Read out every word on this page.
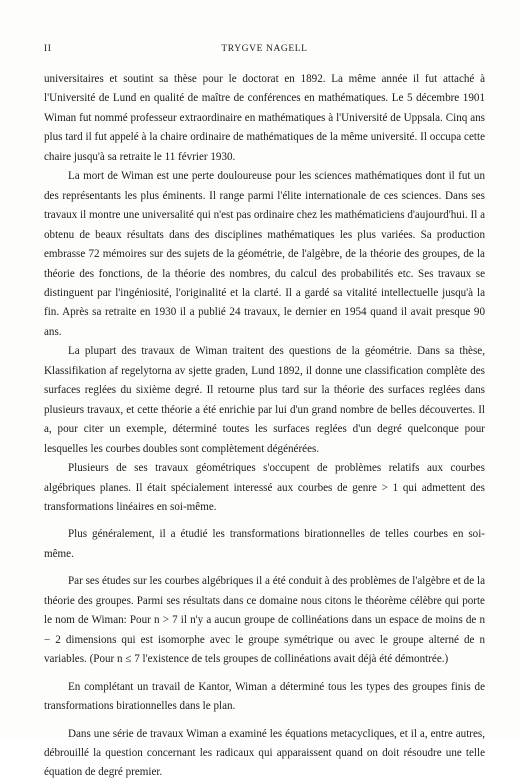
II	TRYGVE NAGELL

universitaires et soutint sa thèse pour le doctorat en 1892. La même année il fut attaché à l'Université de Lund en qualité de maître de conférences en mathématiques. Le 5 décembre 1901 Wiman fut nommé professeur extraordinaire en mathématiques à l'Université de Uppsala. Cinq ans plus tard il fut appelé à la chaire ordinaire de mathématiques de la même université. Il occupa cette chaire jusqu'à sa retraite le 11 février 1930.

La mort de Wiman est une perte douloureuse pour les sciences mathématiques dont il fut un des représentants les plus éminents. Il range parmi l'élite internationale de ces sciences. Dans ses travaux il montre une universalité qui n'est pas ordinaire chez les mathématiciens d'aujourd'hui. Il a obtenu de beaux résultats dans des disciplines mathématiques les plus variées. Sa production embrasse 72 mémoires sur des sujets de la géométrie, de l'algèbre, de la théorie des groupes, de la théorie des fonctions, de la théorie des nombres, du calcul des probabilités etc. Ses travaux se distinguent par l'ingéniosité, l'originalité et la clarté. Il a gardé sa vitalité intellectuelle jusqu'à la fin. Après sa retraite en 1930 il a publié 24 travaux, le dernier en 1954 quand il avait presque 90 ans.

La plupart des travaux de Wiman traitent des questions de la géométrie. Dans sa thèse, Klassifikation af regelytorna av sjette graden, Lund 1892, il donne une classification complète des surfaces reglées du sixième degré. Il retourne plus tard sur la théorie des surfaces reglées dans plusieurs travaux, et cette théorie a été enrichie par lui d'un grand nombre de belles découvertes. Il a, pour citer un exemple, déterminé toutes les surfaces reglées d'un degré quelconque pour lesquelles les courbes doubles sont complètement dégénérées.

Plusieurs de ses travaux géométriques s'occupent de problèmes relatifs aux courbes algébriques planes. Il était spécialement interessé aux courbes de genre > 1 qui admettent des transformations linéaires en soi-même.

Plus généralement, il a étudié les transformations birationnelles de telles courbes en soi-même.

Par ses études sur les courbes algébriques il a été conduit à des problèmes de l'algèbre et de la théorie des groupes. Parmi ses résultats dans ce domaine nous citons le théorème célèbre qui porte le nom de Wiman: Pour n > 7 il n'y a aucun groupe de collinéations dans un espace de moins de n − 2 dimensions qui est isomorphe avec le groupe symétrique ou avec le groupe alterné de n variables. (Pour n ≤ 7 l'existence de tels groupes de collinéations avait déjà été démontrée.)

En complétant un travail de Kantor, Wiman a déterminé tous les types des groupes finis de transformations birationnelles dans le plan.

Dans une série de travaux Wiman a examiné les équations metacycliques, et il a, entre autres, débrouillé la question concernant les radicaux qui apparaissent quand on doit résoudre une telle équation de degré premier.
